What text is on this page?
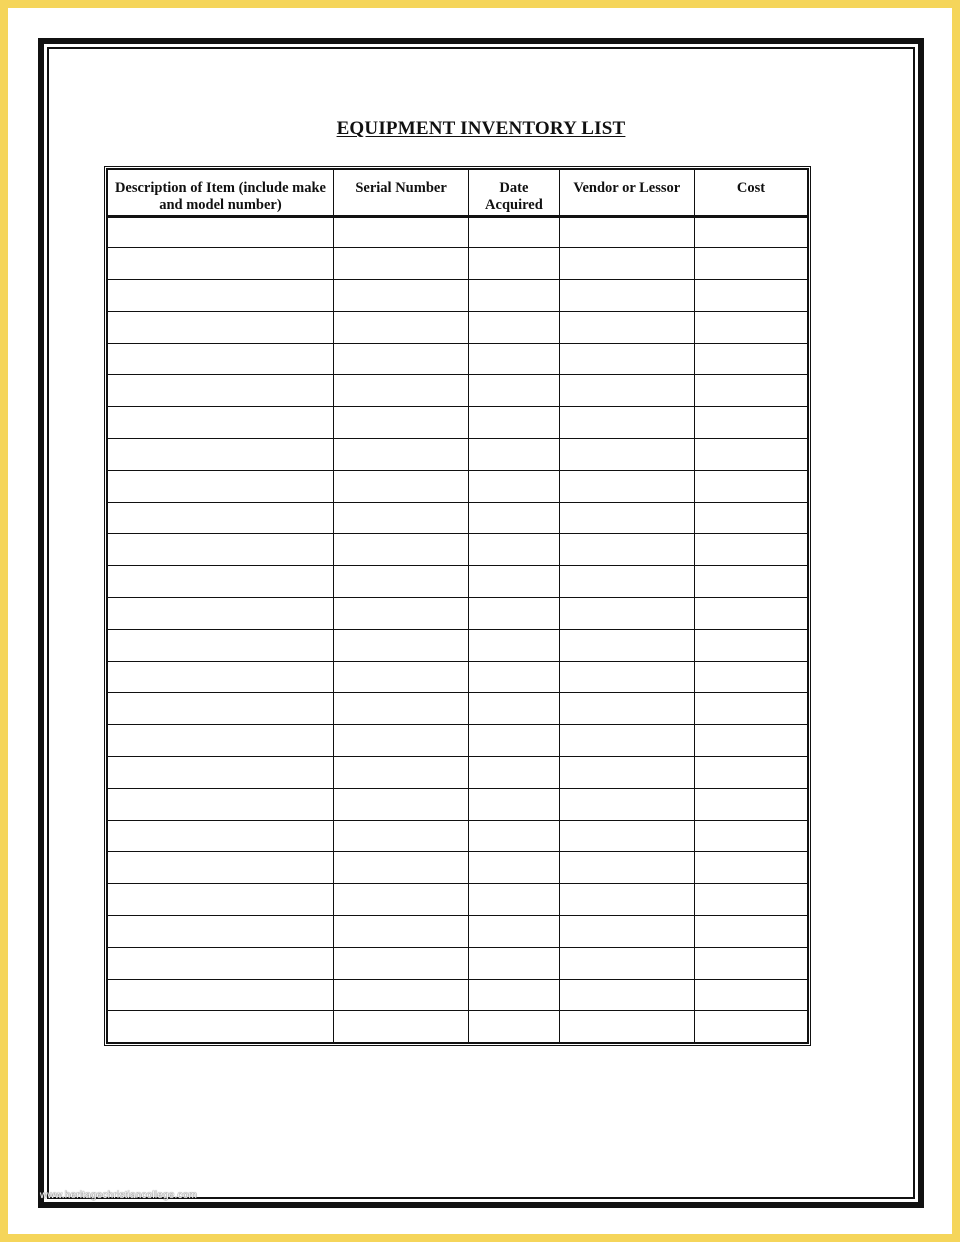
EQUIPMENT INVENTORY LIST
Description of Item (include make and model number)	Serial Number	Date Acquired	Vendor or Lessor	Cost

www.heritagechristiancollege.com
